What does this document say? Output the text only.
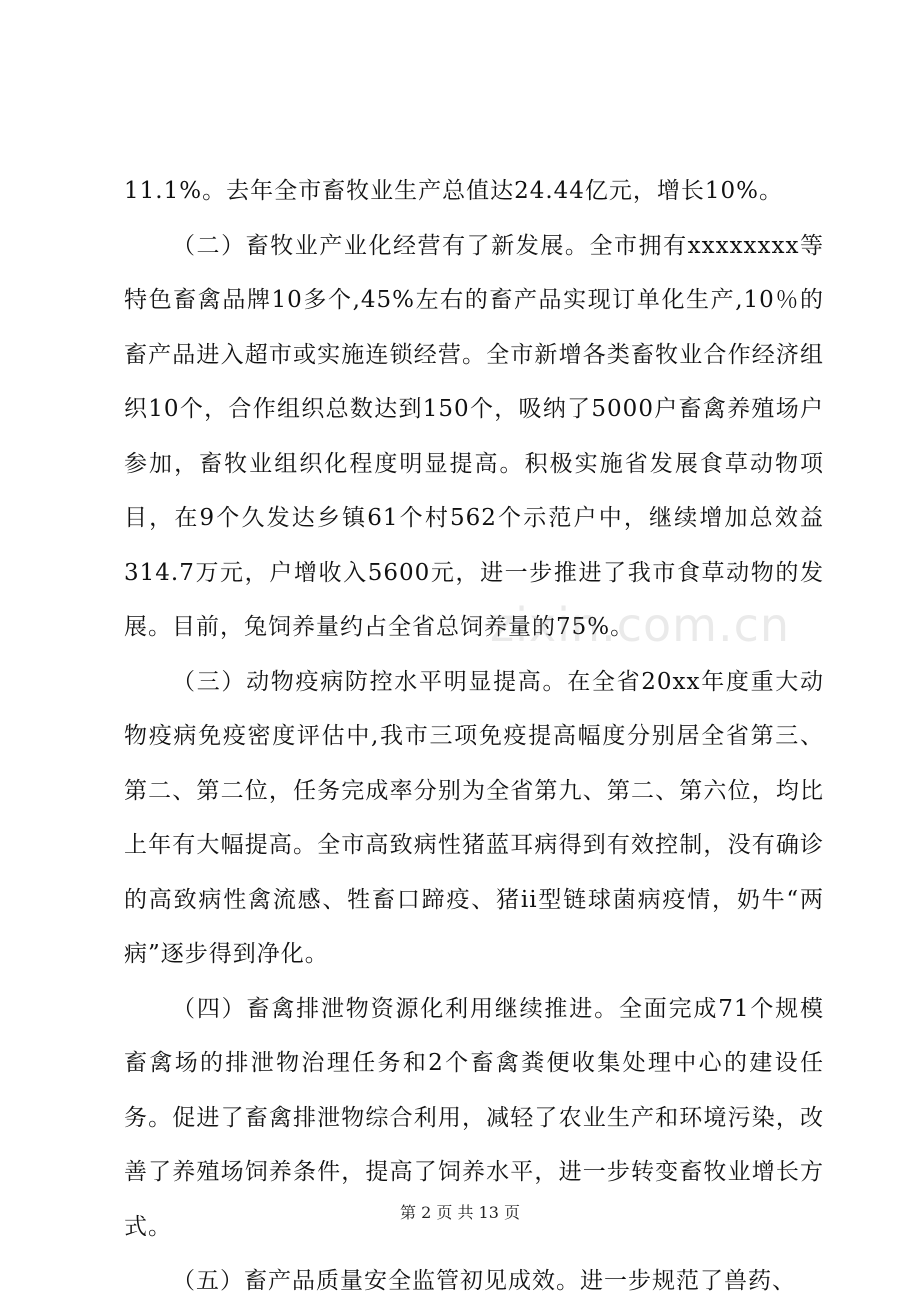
11.1%。去年全市畜牧业生产总值达24.44亿元，增长10%。

（二）畜牧业产业化经营有了新发展。全市拥有xxxxxxxx等特色畜禽品牌10多个,45%左右的畜产品实现订单化生产,10％的畜产品进入超市或实施连锁经营。全市新增各类畜牧业合作经济组织10个，合作组织总数达到150个，吸纳了5000户畜禽养殖场户参加，畜牧业组织化程度明显提高。积极实施省发展食草动物项目，在9个久发达乡镇61个村562个示范户中，继续增加总效益314.7万元，户增收入5600元，进一步推进了我市食草动物的发展。目前，兔饲养量约占全省总饲养量的75%。

（三）动物疫病防控水平明显提高。在全省20xx年度重大动物疫病免疫密度评估中,我市三项免疫提高幅度分别居全省第三、第二、第二位，任务完成率分别为全省第九、第二、第六位，均比上年有大幅提高。全市高致病性猪蓝耳病得到有效控制，没有确诊的高致病性禽流感、牲畜口蹄疫、猪ii型链球菌病疫情，奶牛“两病”逐步得到净化。

（四）畜禽排泄物资源化利用继续推进。全面完成71个规模畜禽场的排泄物治理任务和2个畜禽粪便收集处理中心的建设任务。促进了畜禽排泄物综合利用，减轻了农业生产和环境污染，改善了养殖场饲养条件，提高了饲养水平，进一步转变畜牧业增长方式。

（五）畜产品质量安全监管初见成效。进一步规范了兽药、

zixin.com.cn
第 2 页 共 13 页
